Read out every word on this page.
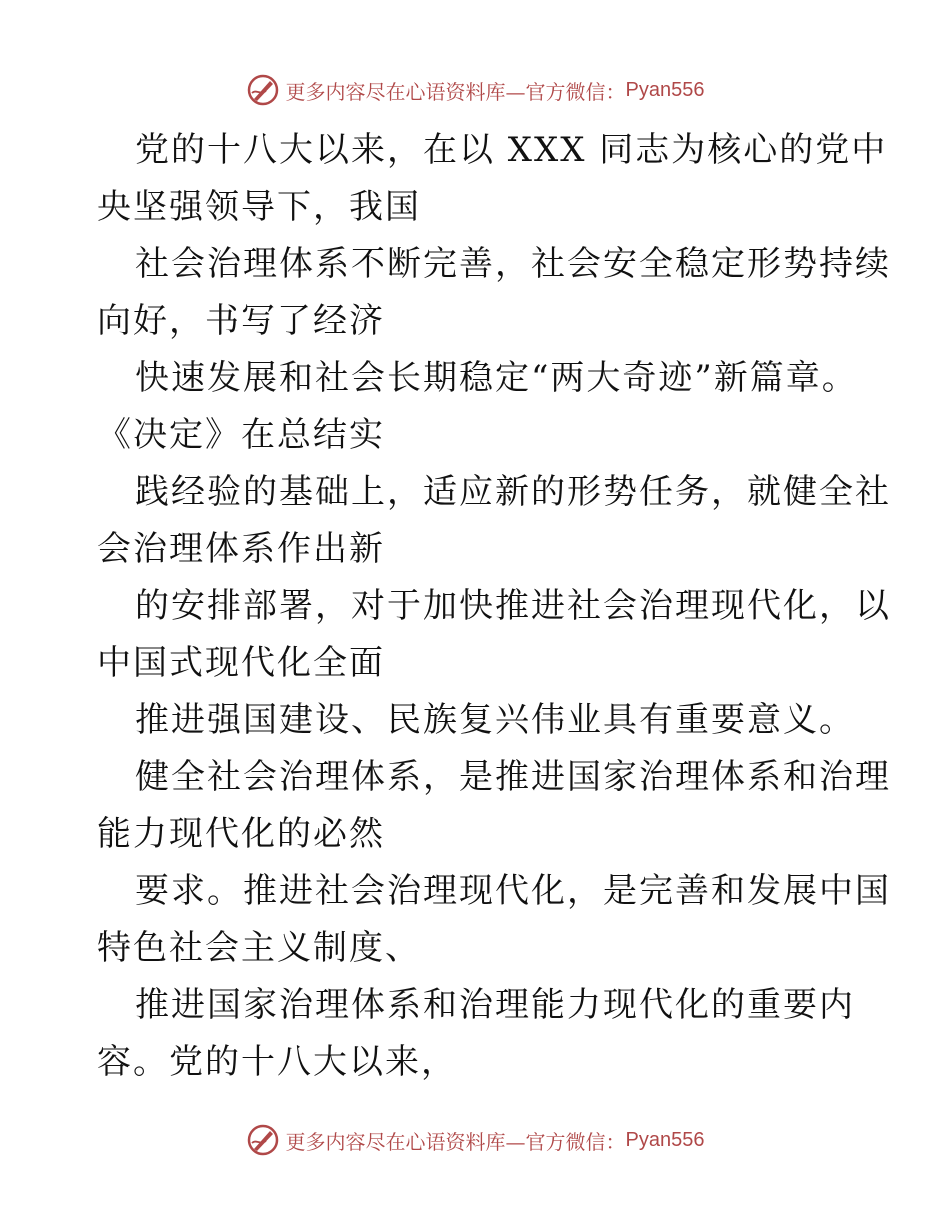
更多内容尽在心语资料库—官方微信： Pyan556
党的十八大以来，在以 XXX 同志为核心的党中
央坚强领导下，我国
社会治理体系不断完善，社会安全稳定形势持续
向好，书写了经济
快速发展和社会长期稳定“两大奇迹”新篇章。
《决定》在总结实
践经验的基础上，适应新的形势任务，就健全社
会治理体系作出新
的安排部署，对于加快推进社会治理现代化，以
中国式现代化全面
推进强国建设、民族复兴伟业具有重要意义。
健全社会治理体系，是推进国家治理体系和治理
能力现代化的必然
要求。推进社会治理现代化，是完善和发展中国
特色社会主义制度、
推进国家治理体系和治理能力现代化的重要内
容。党的十八大以来，
更多内容尽在心语资料库—官方微信： Pyan556
